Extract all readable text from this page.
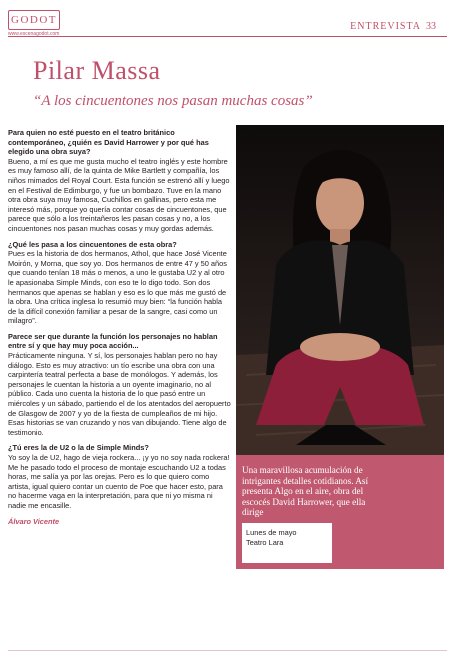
GODOT
www.escenagodot.com
ENTREVISTA 33
Pilar Massa
“A los cincuentones nos pasan muchas cosas”

Para quien no esté puesto en el teatro británico contemporáneo, ¿quién es David Harrower y por qué has elegido una obra suya?
Bueno, a mí es que me gusta mucho el teatro inglés y este hombre es muy famoso allí, de la quinta de Mike Bartlett y compañía, los niños mimados del Royal Court. Esta función se estrenó allí y luego en el Festival de Edimburgo, y fue un bombazo. Tuve en la mano otra obra suya muy famosa, Cuchillos en gallinas, pero esta me interesó más, porque yo quería contar cosas de cincuentones, que parece que sólo a los treintañeros les pasan cosas y no, a los cincuentones nos pasan muchas cosas y muy gordas además.

¿Qué les pasa a los cincuentones de esta obra?
Pues es la historia de dos hermanos, Athol, que hace José Vicente Moirón, y Morna, que soy yo. Dos hermanos de entre 47 y 50 años que cuando tenían 18 más o menos, a uno le gustaba U2 y al otro le apasionaba Simple Minds, con eso te lo digo todo. Son dos hermanos que apenas se hablan y eso es lo que más me gustó de la obra. Una crítica inglesa lo resumió muy bien: “la función habla de la difícil conexión familiar a pesar de la sangre, casi como un milagro”.

Parece ser que durante la función los personajes no hablan entre sí y que hay muy poca acción...
Prácticamente ninguna. Y sí, los personajes hablan pero no hay diálogo. Esto es muy atractivo: un tío escribe una obra con una carpintería teatral perfecta a base de monólogos. Y además, los personajes le cuentan la historia a un oyente imaginario, no al público. Cada uno cuenta la historia de lo que pasó entre un miércoles y un sábado, partiendo el de los atentados del aeropuerto de Glasgow de 2007 y yo de la fiesta de cumpleaños de mi hijo. Esas historias se van cruzando y nos van dibujando. Tiene algo de testimonio.

¿Tú eres la de U2 o la de Simple Minds?
Yo soy la de U2, hago de vieja rockera... ¡y yo no soy nada rockera! Me he pasado todo el proceso de montaje escuchando U2 a todas horas, me salía ya por las orejas. Pero es lo que quiero como artista, igual quiero contar un cuento de Poe que hacer esto, para no hacerme vaga en la interpretación, para que ni yo misma ni nadie me encasille.

Álvaro Vicente
Una maravillosa acumulación de intrigantes detalles cotidianos. Así presenta Algo en el aire, obra del escocés David Harrower, que ella dirige
Lunes de mayo
Teatro Lara
